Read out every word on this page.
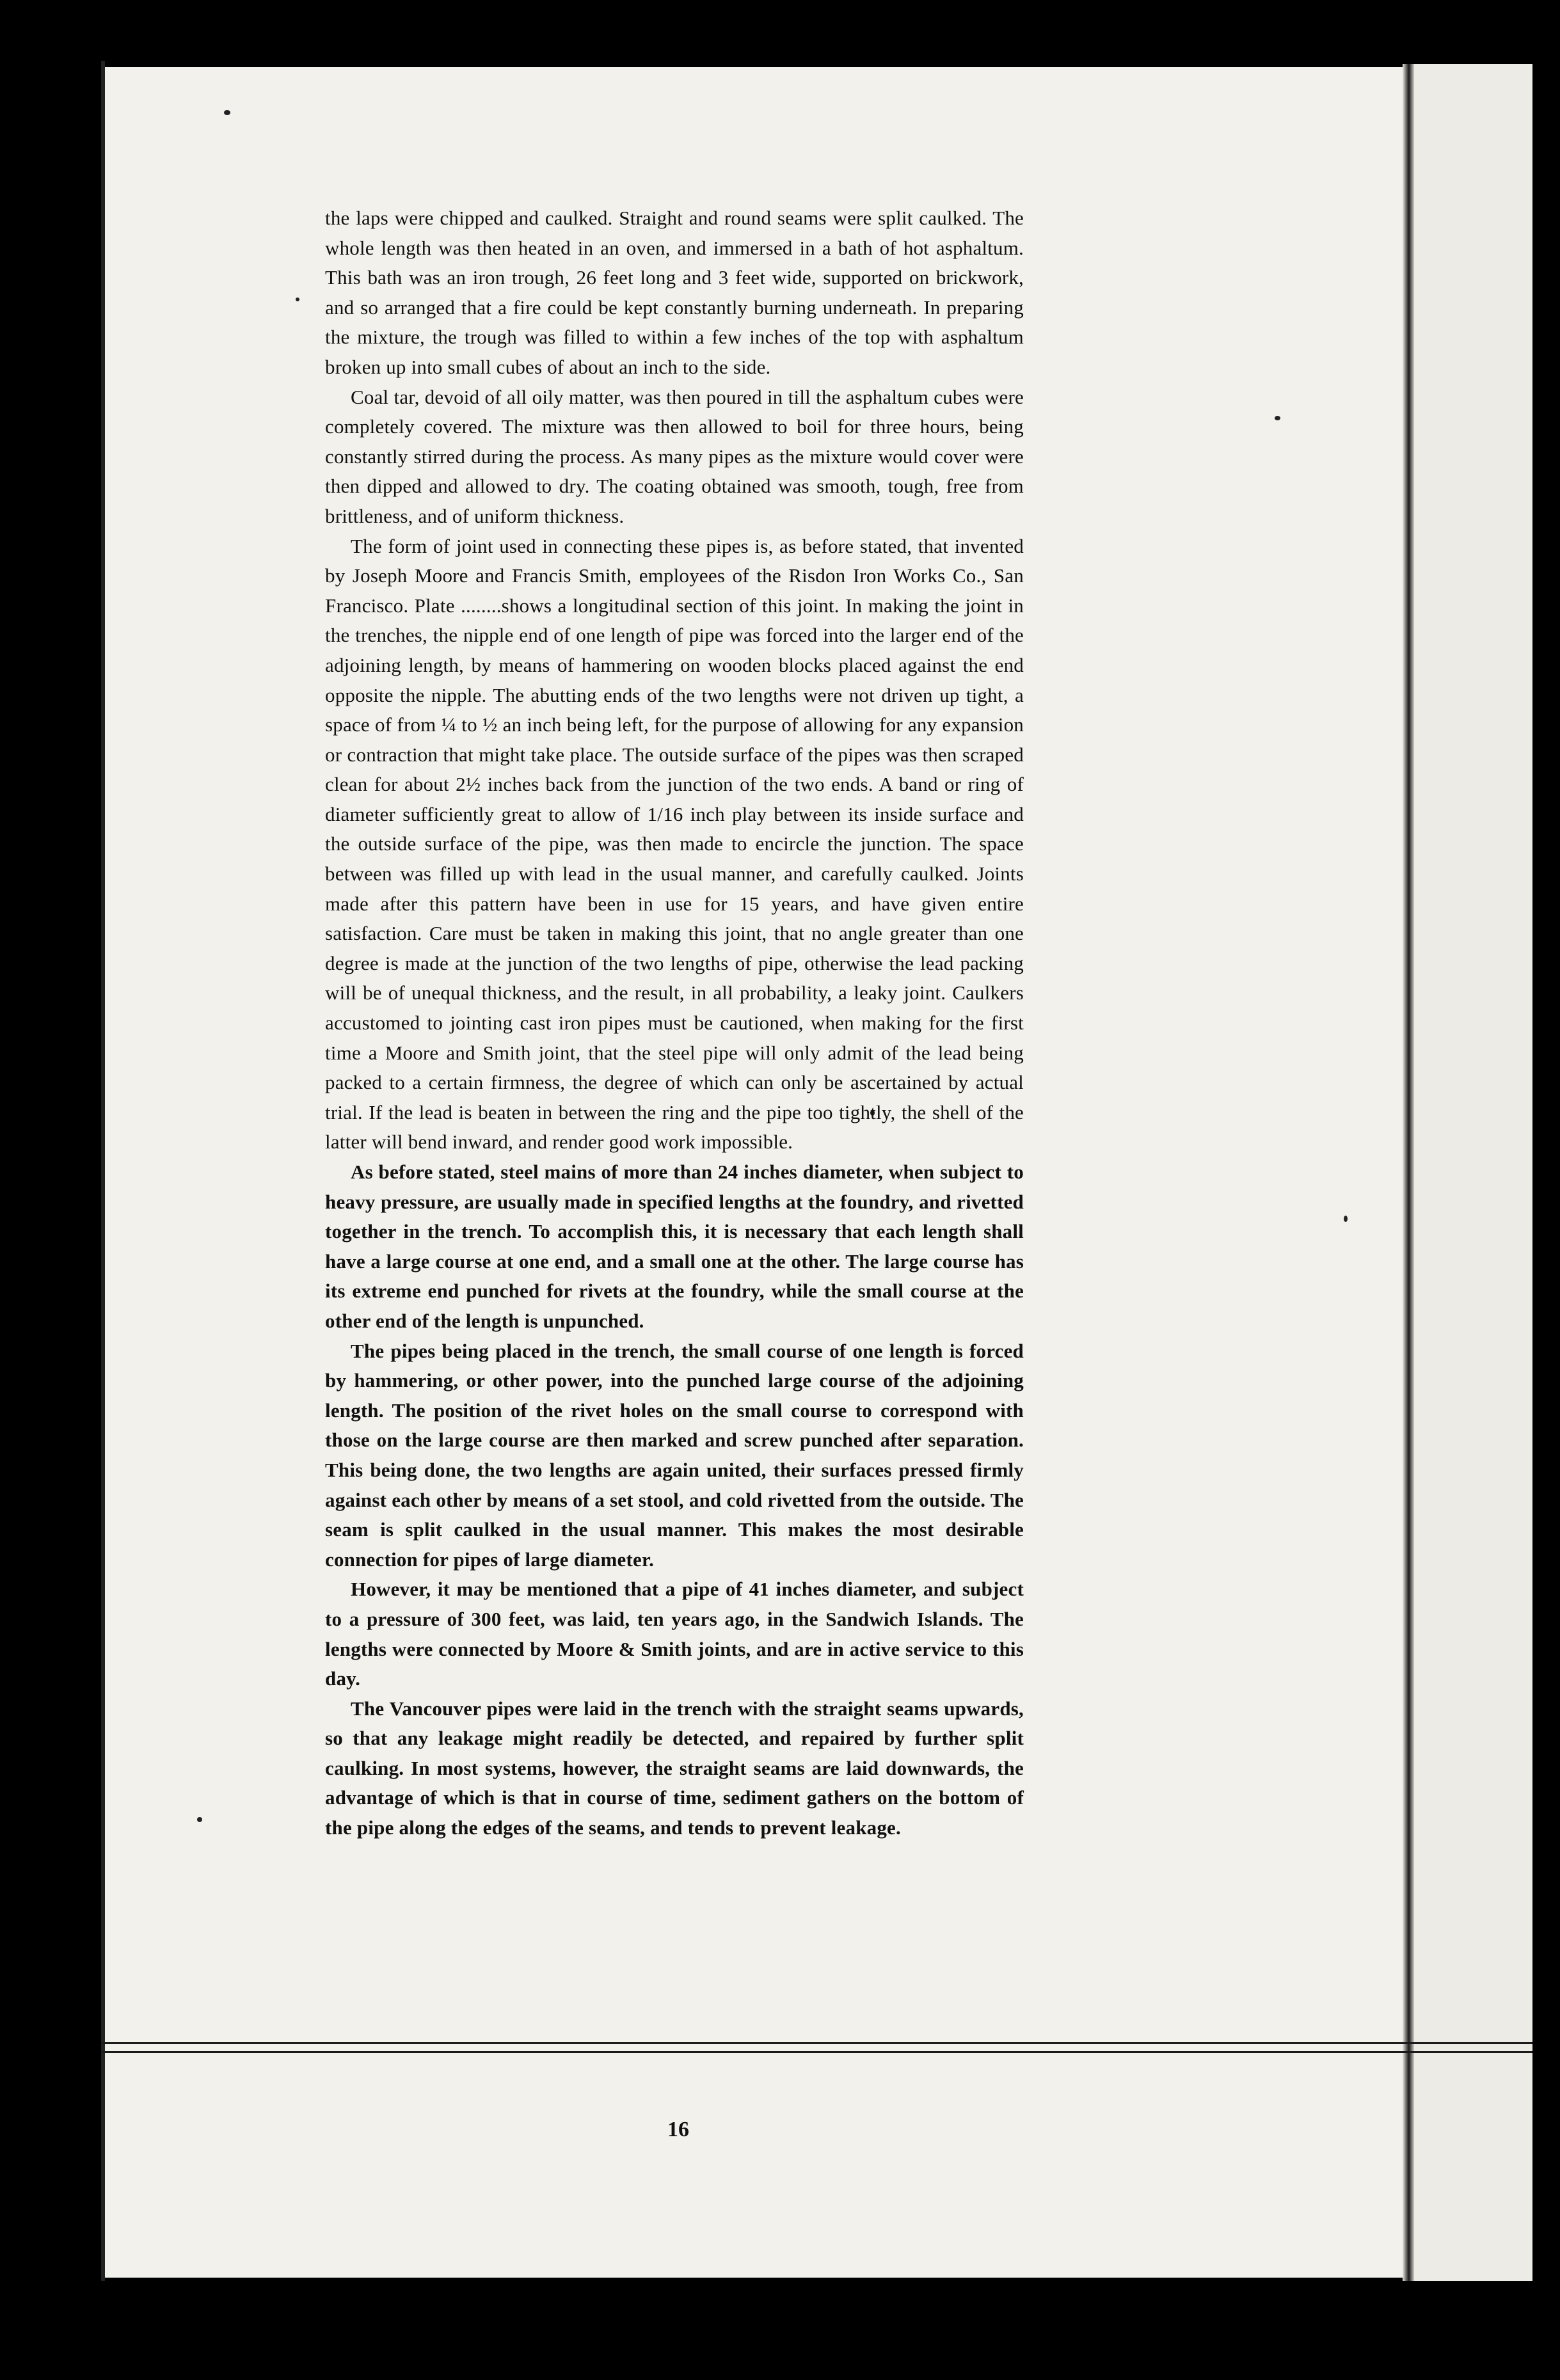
the laps were chipped and caulked. Straight and round seams were split caulked. The whole length was then heated in an oven, and immersed in a bath of hot asphaltum. This bath was an iron trough, 26 feet long and 3 feet wide, supported on brickwork, and so arranged that a fire could be kept constantly burning underneath. In preparing the mixture, the trough was filled to within a few inches of the top with asphaltum broken up into small cubes of about an inch to the side.

Coal tar, devoid of all oily matter, was then poured in till the asphaltum cubes were completely covered. The mixture was then allowed to boil for three hours, being constantly stirred during the process. As many pipes as the mixture would cover were then dipped and allowed to dry. The coating obtained was smooth, tough, free from brittleness, and of uniform thickness.

The form of joint used in connecting these pipes is, as before stated, that invented by Joseph Moore and Francis Smith, employees of the Risdon Iron Works Co., San Francisco. Plate ........shows a longitudinal section of this joint. In making the joint in the trenches, the nipple end of one length of pipe was forced into the larger end of the adjoining length, by means of hammering on wooden blocks placed against the end opposite the nipple. The abutting ends of the two lengths were not driven up tight, a space of from ¼ to ½ an inch being left, for the purpose of allowing for any expansion or contraction that might take place. The outside surface of the pipes was then scraped clean for about 2½ inches back from the junction of the two ends. A band or ring of diameter sufficiently great to allow of 1/16 inch play between its inside surface and the outside surface of the pipe, was then made to encircle the junction. The space between was filled up with lead in the usual manner, and carefully caulked. Joints made after this pattern have been in use for 15 years, and have given entire satisfaction. Care must be taken in making this joint, that no angle greater than one degree is made at the junction of the two lengths of pipe, otherwise the lead packing will be of unequal thickness, and the result, in all probability, a leaky joint. Caulkers accustomed to jointing cast iron pipes must be cautioned, when making for the first time a Moore and Smith joint, that the steel pipe will only admit of the lead being packed to a certain firmness, the degree of which can only be ascertained by actual trial. If the lead is beaten in between the ring and the pipe too tightly, the shell of the latter will bend inward, and render good work impossible.

As before stated, steel mains of more than 24 inches diameter, when subject to heavy pressure, are usually made in specified lengths at the foundry, and rivetted together in the trench. To accomplish this, it is necessary that each length shall have a large course at one end, and a small one at the other. The large course has its extreme end punched for rivets at the foundry, while the small course at the other end of the length is unpunched.

The pipes being placed in the trench, the small course of one length is forced by hammering, or other power, into the punched large course of the adjoining length. The position of the rivet holes on the small course to correspond with those on the large course are then marked and screw punched after separation. This being done, the two lengths are again united, their surfaces pressed firmly against each other by means of a set stool, and cold rivetted from the outside. The seam is split caulked in the usual manner. This makes the most desirable connection for pipes of large diameter.

However, it may be mentioned that a pipe of 41 inches diameter, and subject to a pressure of 300 feet, was laid, ten years ago, in the Sandwich Islands. The lengths were connected by Moore & Smith joints, and are in active service to this day.

The Vancouver pipes were laid in the trench with the straight seams upwards, so that any leakage might readily be detected, and repaired by further split caulking. In most systems, however, the straight seams are laid downwards, the advantage of which is that in course of time, sediment gathers on the bottom of the pipe along the edges of the seams, and tends to prevent leakage.

16
